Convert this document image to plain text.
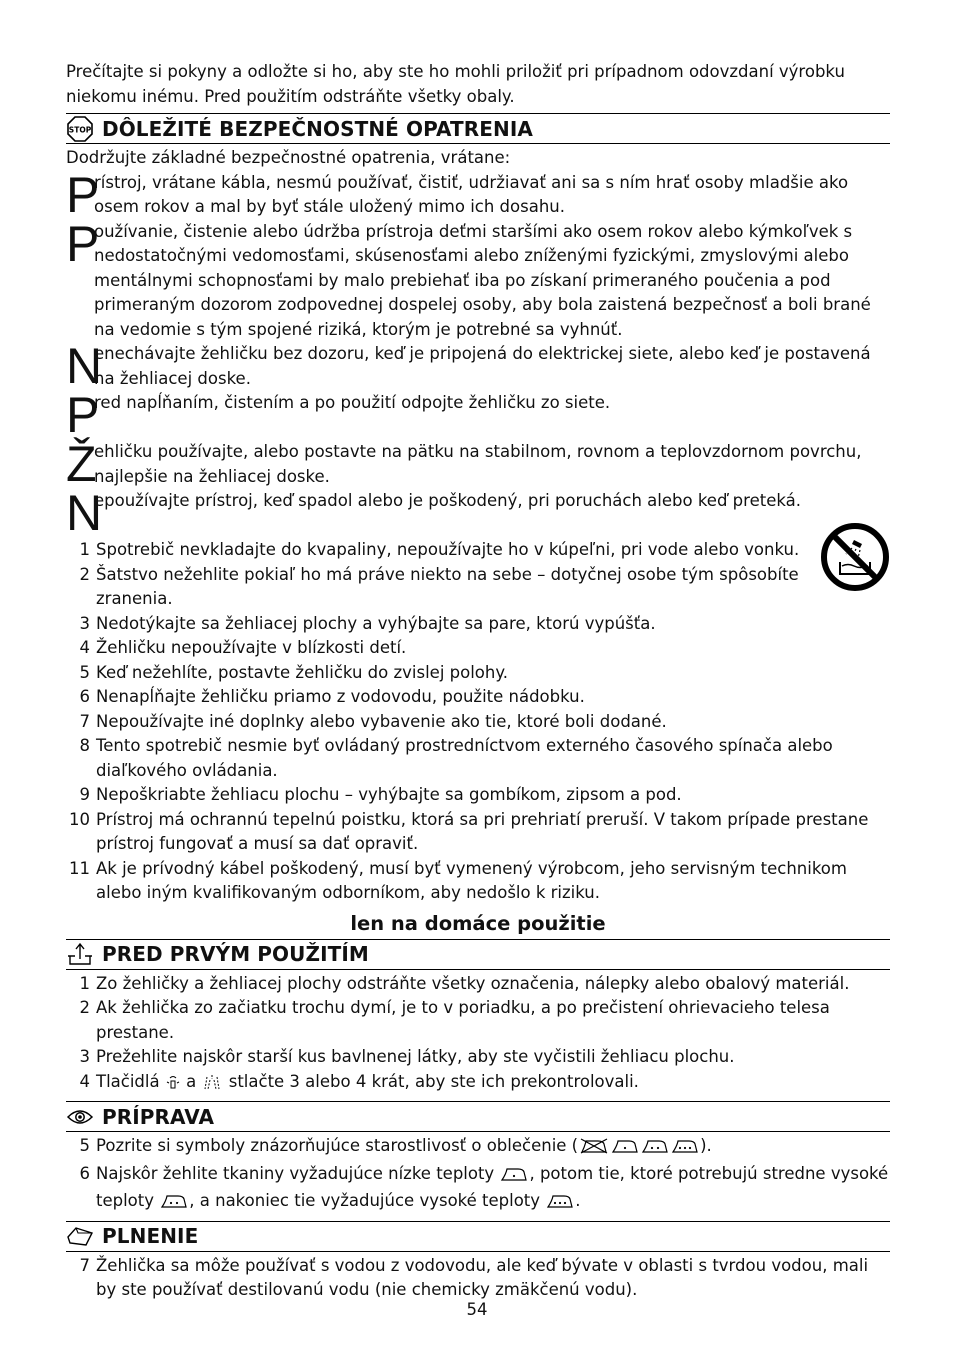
Prečítajte si pokyny a odložte si ho, aby ste ho mohli priložiť pri prípadnom odovzdaní výrobku niekomu inému. Pred použitím odstráňte všetky obaly.

STOP DÔLEŽITÉ BEZPEČNOSTNÉ OPATRENIA

Dodržujte základné bezpečnostné opatrenia, vrátane:

P
rístroj, vrátane kábla, nesmú používať, čistiť, udržiavať ani sa s ním hrať osoby mladšie ako osem rokov a mal by byť stále uložený mimo ich dosahu.
P
oužívanie, čistenie alebo údržba prístroja deťmi staršími ako osem rokov alebo kýmkoľvek s nedostatočnými vedomosťami, skúsenosťami alebo zníženými fyzickými, zmyslovými alebo mentálnymi schopnosťami by malo prebiehať iba po získaní primeraného poučenia a pod primeraným dozorom zodpovednej dospelej osoby, aby bola zaistená bezpečnosť a boli brané na vedomie s tým spojené riziká, ktorým je potrebné sa vyhnúť.
N
enechávajte žehličku bez dozoru, keď je pripojená do elektrickej siete, alebo keď je postavená na žehliacej doske.
P
red napĺňaním, čistením a po použití odpojte žehličku zo siete.
Ž
ehličku používajte, alebo postavte na pätku na stabilnom, rovnom a teplovzdornom povrchu, najlepšie na žehliacej doske.
N
epoužívajte prístroj, keď spadol alebo je poškodený, pri poruchách alebo keď preteká.
1 Spotrebič nevkladajte do kvapaliny, nepoužívajte ho v kúpeľni, pri vode alebo vonku.
2 Šatstvo nežehlite pokiaľ ho má práve niekto na sebe – dotyčnej osobe tým spôsobíte zranenia.
3 Nedotýkajte sa žehliacej plochy a vyhýbajte sa pare, ktorú vypúšťa.
4 Žehličku nepoužívajte v blízkosti detí.
5 Keď nežehlíte, postavte žehličku do zvislej polohy.
6 Nenapĺňajte žehličku priamo z vodovodu, použite nádobku.
7 Nepoužívajte iné doplnky alebo vybavenie ako tie, ktoré boli dodané.
8 Tento spotrebič nesmie byť ovládaný prostredníctvom externého časového spínača alebo diaľkového ovládania.
9 Nepoškriabte žehliacu plochu – vyhýbajte sa gombíkom, zipsom a pod.
10 Prístroj má ochrannú tepelnú poistku, ktorá sa pri prehriatí preruší. V takom prípade prestane prístroj fungovať a musí sa dať opraviť.
11 Ak je prívodný kábel poškodený, musí byť vymenený výrobcom, jeho servisným technikom alebo iným kvalifikovaným odborníkom, aby nedošlo k riziku.
len na domáce použitie
PRED PRVÝM POUŽITÍM
1 Zo žehličky a žehliacej plochy odstráňte všetky označenia, nálepky alebo obalový materiál.
2 Ak žehlička zo začiatku trochu dymí, je to v poriadku, a po prečistení ohrievacieho telesa prestane.
3 Prežehlite najskôr starší kus bavlnenej látky, aby ste vyčistili žehliacu plochu.
4 Tlačidlá a stlačte 3 alebo 4 krát, aby ste ich prekontrolovali.
PRÍPRAVA
5 Pozrite si symboly znázorňujúce starostlivosť o oblečenie (	).
6 Najskôr žehlite tkaniny vyžadujúce nízke teploty , potom tie, ktoré potrebujú stredne vysoké teploty , a nakoniec tie vyžadujúce vysoké teploty .
PLNENIE
7 Žehlička sa môže používať s vodou z vodovodu, ale keď bývate v oblasti s tvrdou vodou, mali by ste používať destilovanú vodu (nie chemicky zmäkčenú vodu).
54
